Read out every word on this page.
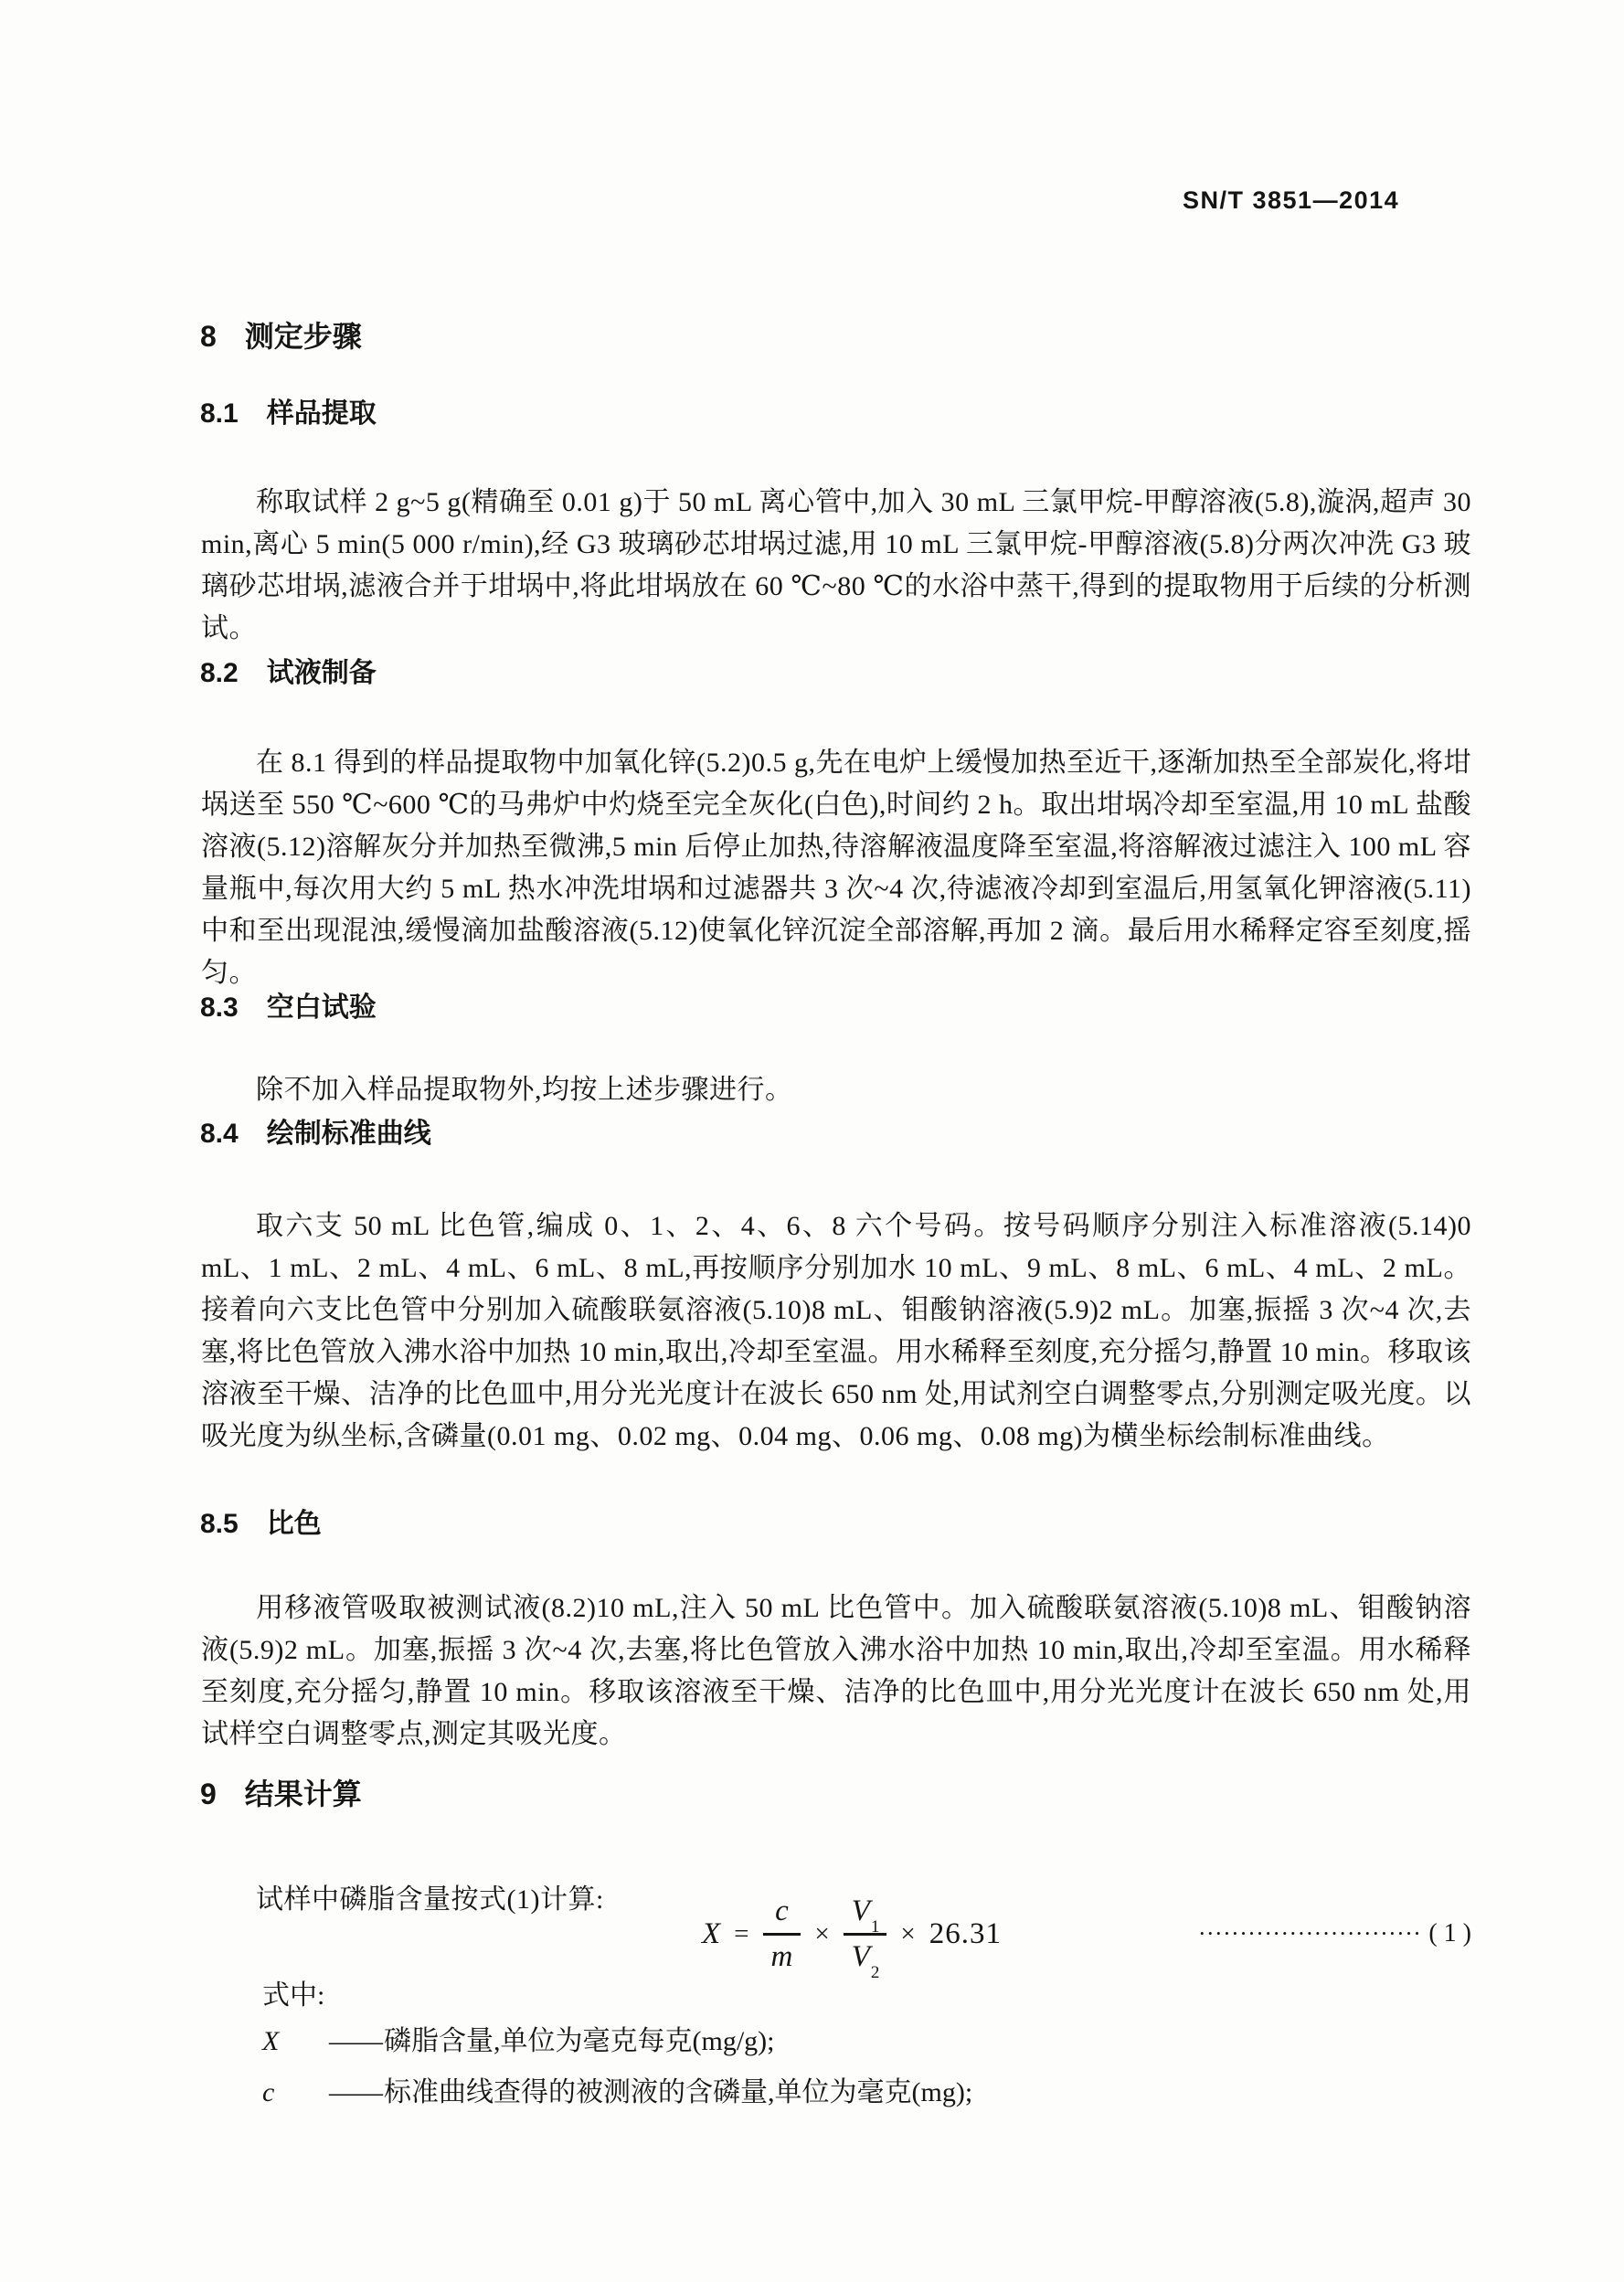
SN/T 3851—2014
8 测定步骤
8.1 样品提取

称取试样 2 g~5 g(精确至 0.01 g)于 50 mL 离心管中,加入 30 mL 三氯甲烷-甲醇溶液(5.8),漩涡,超声 30 min,离心 5 min(5 000 r/min),经 G3 玻璃砂芯坩埚过滤,用 10 mL 三氯甲烷-甲醇溶液(5.8)分两次冲洗 G3 玻璃砂芯坩埚,滤液合并于坩埚中,将此坩埚放在 60 ℃~80 ℃的水浴中蒸干,得到的提取物用于后续的分析测试。

8.2 试液制备

在 8.1 得到的样品提取物中加氧化锌(5.2)0.5 g,先在电炉上缓慢加热至近干,逐渐加热至全部炭化,将坩埚送至 550 ℃~600 ℃的马弗炉中灼烧至完全灰化(白色),时间约 2 h。取出坩埚冷却至室温,用 10 mL 盐酸溶液(5.12)溶解灰分并加热至微沸,5 min 后停止加热,待溶解液温度降至室温,将溶解液过滤注入 100 mL 容量瓶中,每次用大约 5 mL 热水冲洗坩埚和过滤器共 3 次~4 次,待滤液冷却到室温后,用氢氧化钾溶液(5.11)中和至出现混浊,缓慢滴加盐酸溶液(5.12)使氧化锌沉淀全部溶解,再加 2 滴。最后用水稀释定容至刻度,摇匀。

8.3 空白试验

除不加入样品提取物外,均按上述步骤进行。

8.4 绘制标准曲线

取六支 50 mL 比色管,编成 0、1、2、4、6、8 六个号码。按号码顺序分别注入标准溶液(5.14)0 mL、1 mL、2 mL、4 mL、6 mL、8 mL,再按顺序分别加水 10 mL、9 mL、8 mL、6 mL、4 mL、2 mL。接着向六支比色管中分别加入硫酸联氨溶液(5.10)8 mL、钼酸钠溶液(5.9)2 mL。加塞,振摇 3 次~4 次,去塞,将比色管放入沸水浴中加热 10 min,取出,冷却至室温。用水稀释至刻度,充分摇匀,静置 10 min。移取该溶液至干燥、洁净的比色皿中,用分光光度计在波长 650 nm 处,用试剂空白调整零点,分别测定吸光度。以吸光度为纵坐标,含磷量(0.01 mg、0.02 mg、0.04 mg、0.06 mg、0.08 mg)为横坐标绘制标准曲线。

8.5 比色

用移液管吸取被测试液(8.2)10 mL,注入 50 mL 比色管中。加入硫酸联氨溶液(5.10)8 mL、钼酸钠溶液(5.9)2 mL。加塞,振摇 3 次~4 次,去塞,将比色管放入沸水浴中加热 10 min,取出,冷却至室温。用水稀释至刻度,充分摇匀,静置 10 min。移取该溶液至干燥、洁净的比色皿中,用分光光度计在波长 650 nm 处,用试样空白调整零点,测定其吸光度。

9 结果计算

试样中磷脂含量按式(1)计算:

$X = \frac{c}{m} \times \frac{V_1}{V_2} \times 26.31$	••••••••••••••••••••••••••• ( 1 )
式中:
X	—— 磷脂含量,单位为毫克每克(mg/g);
c	—— 标准曲线查得的被测液的含磷量,单位为毫克(mg);
